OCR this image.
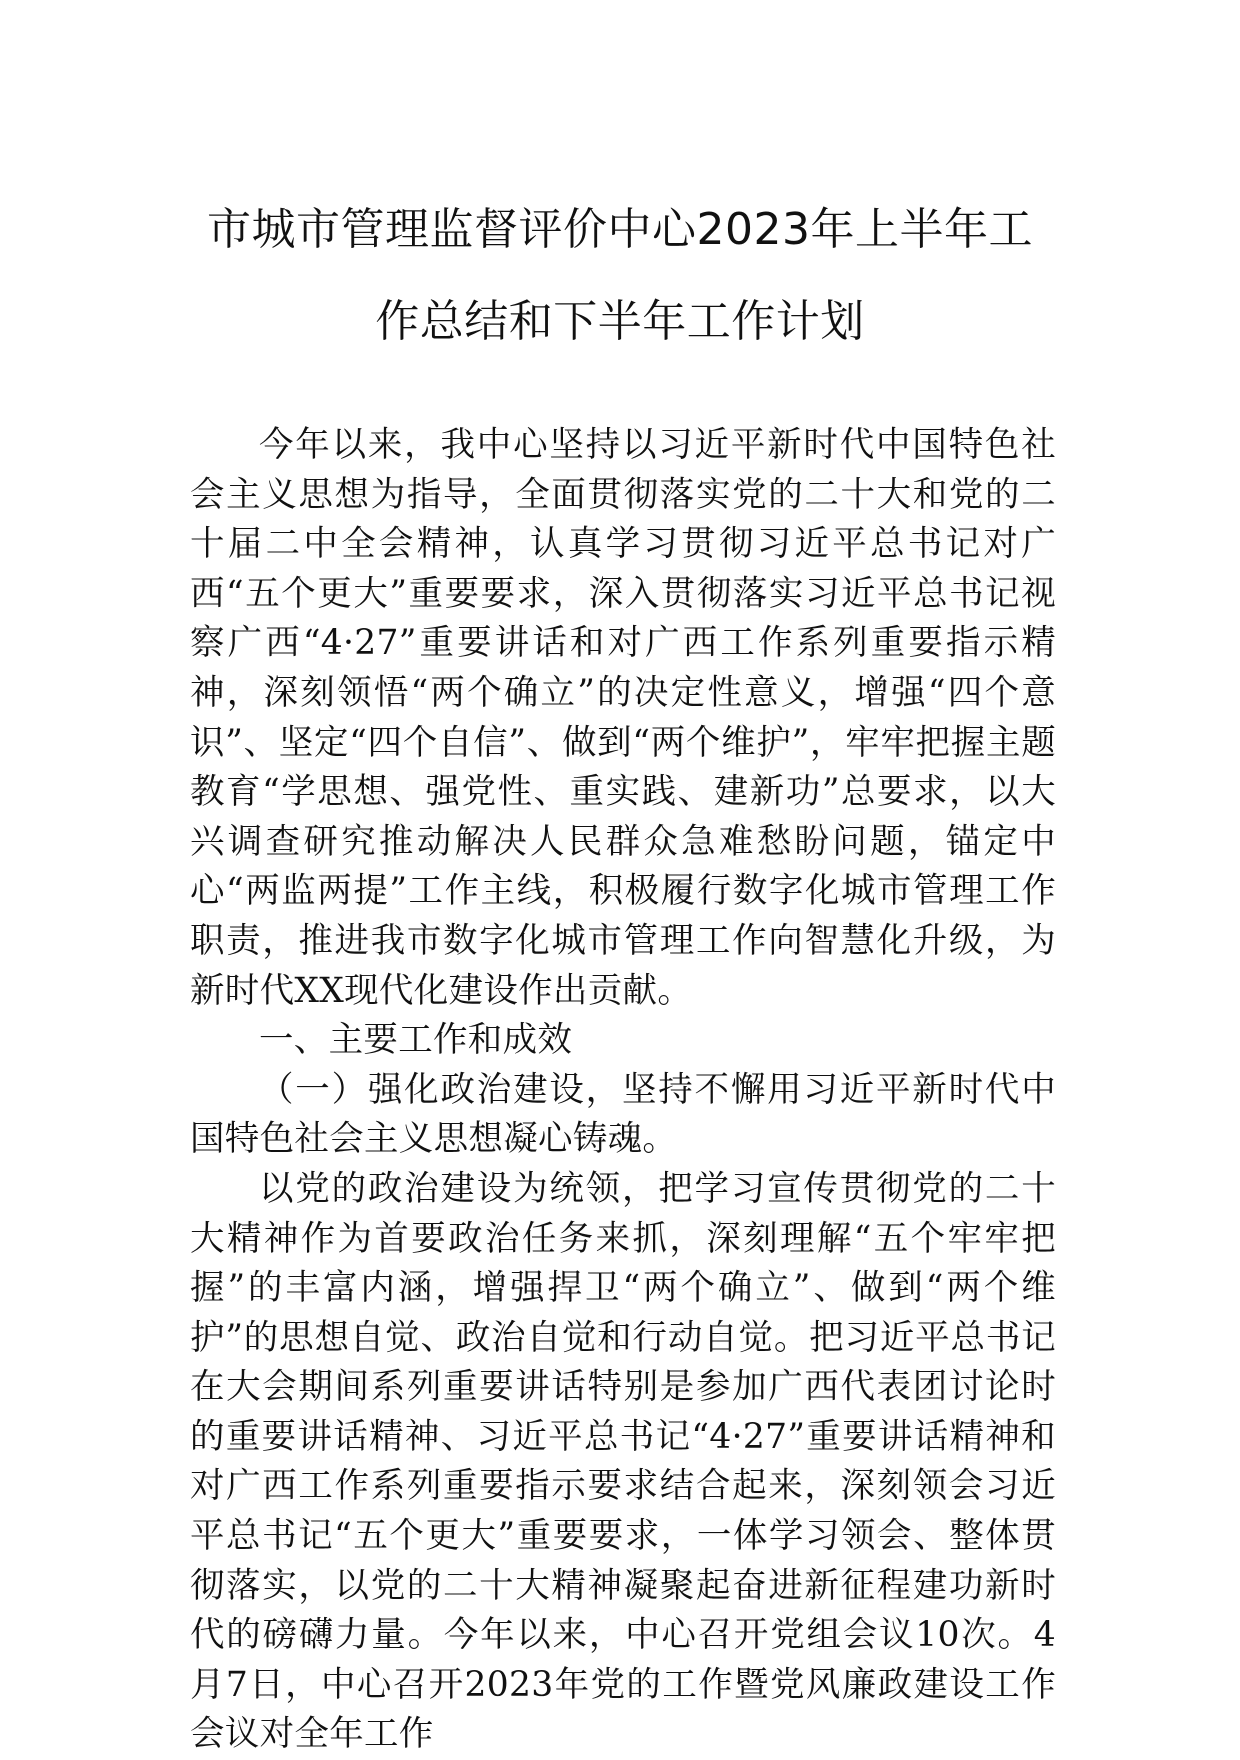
市城市管理监督评价中心2023年上半年工
作总结和下半年工作计划

今年以来，我中心坚持以习近平新时代中国特色社会主义思想为指导，全面贯彻落实党的二十大和党的二十届二中全会精神，认真学习贯彻习近平总书记对广西“五个更大”重要要求，深入贯彻落实习近平总书记视察广西“4·27”重要讲话和对广西工作系列重要指示精神，深刻领悟“两个确立”的决定性意义，增强“四个意识”、坚定“四个自信”、做到“两个维护”，牢牢把握主题教育“学思想、强党性、重实践、建新功”总要求，以大兴调查研究推动解决人民群众急难愁盼问题，锚定中心“两监两提”工作主线，积极履行数字化城市管理工作职责，推进我市数字化城市管理工作向智慧化升级，为新时代XX现代化建设作出贡献。

一、主要工作和成效

（一）强化政治建设，坚持不懈用习近平新时代中国特色社会主义思想凝心铸魂。

以党的政治建设为统领，把学习宣传贯彻党的二十大精神作为首要政治任务来抓，深刻理解“五个牢牢把握”的丰富内涵，增强捍卫“两个确立”、做到“两个维护”的思想自觉、政治自觉和行动自觉。把习近平总书记在大会期间系列重要讲话特别是参加广西代表团讨论时的重要讲话精神、习近平总书记“4·27”重要讲话精神和对广西工作系列重要指示要求结合起来，深刻领会习近平总书记“五个更大”重要要求，一体学习领会、整体贯彻落实，以党的二十大精神凝聚起奋进新征程建功新时代的磅礴力量。今年以来，中心召开党组会议10次。4月7日，中心召开2023年党的工作暨党风廉政建设工作会议对全年工作
